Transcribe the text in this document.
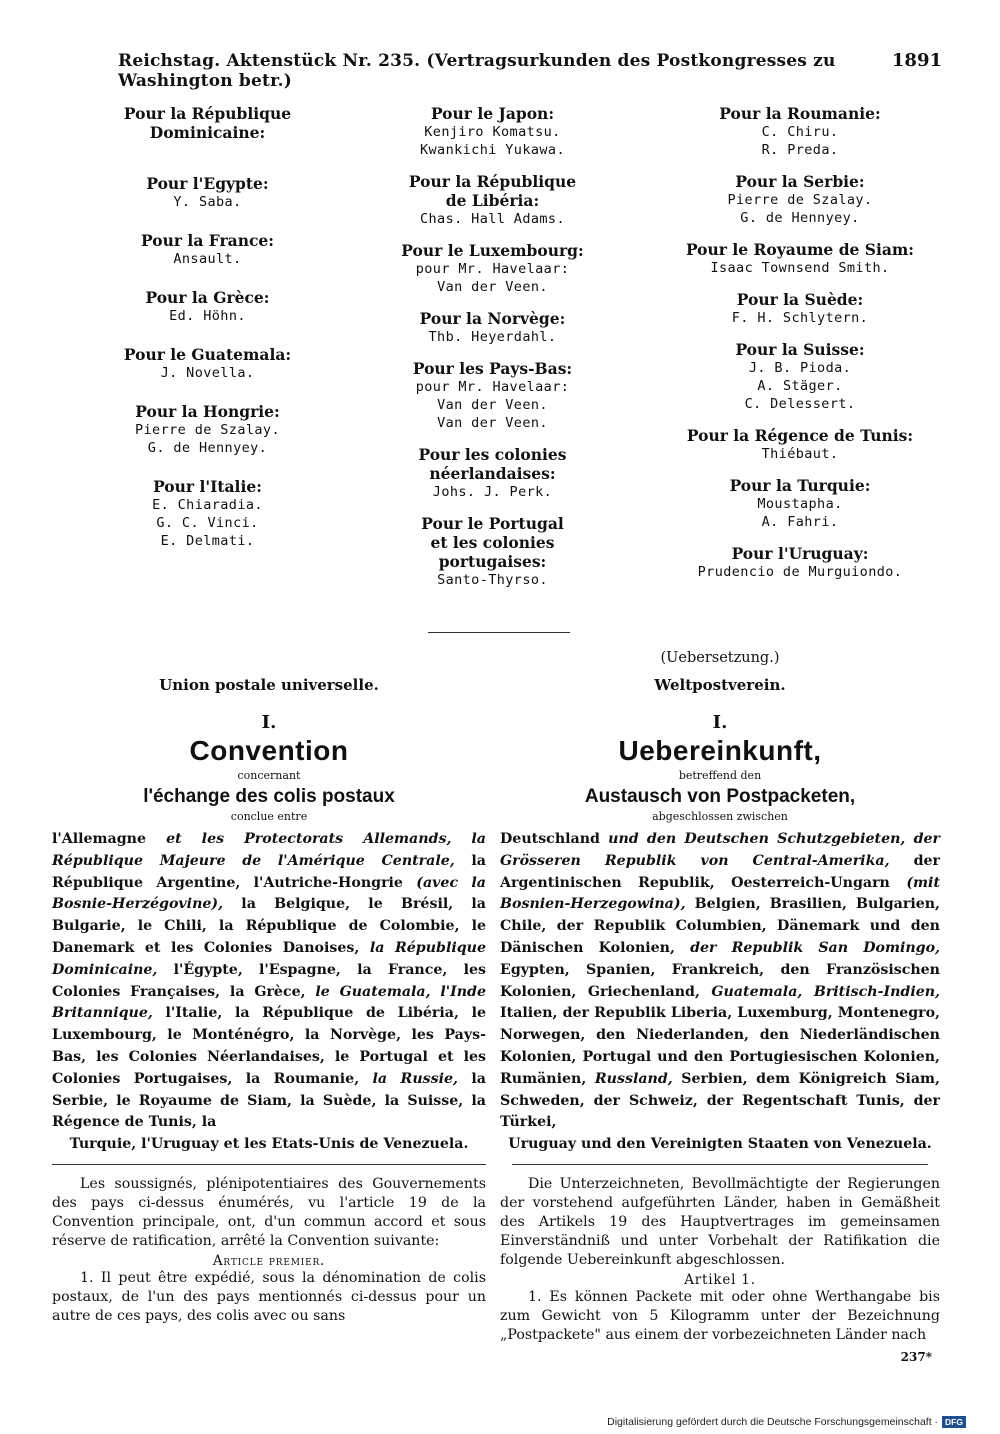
Reichstag. Aktenstück Nr. 235. (Vertragsurkunden des Postkongresses zu Washington betr.)
1891
Pour la République
Dominicaine:
Pour l'Egypte:
Y. Saba.
Pour la France:
Ansault.
Pour la Grèce:
Ed. Höhn.
Pour le Guatemala:
J. Novella.
Pour la Hongrie:
Pierre de Szalay.
G. de Hennyey.
Pour l'Italie:
E. Chiaradia.
G. C. Vinci.
E. Delmati.
Pour le Japon:
Kenjiro Komatsu.
Kwankichi Yukawa.
Pour la République
de Libéria:
Chas. Hall Adams.
Pour le Luxembourg:
pour Mr. Havelaar:
Van der Veen.
Pour la Norvège:
Thb. Heyerdahl.
Pour les Pays-Bas:
pour Mr. Havelaar:
Van der Veen.
Van der Veen.
Pour les colonies
néerlandaises:
Johs. J. Perk.
Pour le Portugal
et les colonies portugaises:
Santo-Thyrso.
Pour la Roumanie:
C. Chiru.
R. Preda.
Pour la Serbie:
Pierre de Szalay.
G. de Hennyey.
Pour le Royaume de Siam:
Isaac Townsend Smith.
Pour la Suède:
F. H. Schlytern.
Pour la Suisse:
J. B. Pioda.
A. Stäger.
C. Delessert.
Pour la Régence de Tunis:
Thiébaut.
Pour la Turquie:
Moustapha.
A. Fahri.
Pour l'Uruguay:
Prudencio de Murguiondo.
Union postale universelle.
I.
Convention
concernant
l'échange des colis postaux
conclue entre
l'Allemagne et les Protectorats Allemands, la République Majeure de l'Amérique Centrale, la République Argentine, l'Autriche-Hongrie (avec la Bosnie-Herzégovine), la Belgique, le Brésil, la Bulgarie, le Chili, la République de Colombie, le Danemark et les Colonies Danoises, la République Dominicaine, l'Égypte, l'Espagne, la France, les Colonies Françaises, la Grèce, le Guatemala, l'Inde Britannique, l'Italie, la République de Libéria, le Luxembourg, le Monténégro, la Norvège, les Pays-Bas, les Colonies Néerlandaises, le Portugal et les Colonies Portugaises, la Roumanie, la Russie, la Serbie, le Royaume de Siam, la Suède, la Suisse, la Régence de Tunis, la
Turquie, l'Uruguay et les Etats-Unis de Venezuela.
Les soussignés, plénipotentiaires des Gouvernements des pays ci-dessus énumérés, vu l'article 19 de la Convention principale, ont, d'un commun accord et sous réserve de ratification, arrêté la Convention suivante:
Article premier.
1. Il peut être expédié, sous la dénomination de colis postaux, de l'un des pays mentionnés ci-dessus pour un autre de ces pays, des colis avec ou sans
(Uebersetzung.)
Weltpostverein.
I.
Uebereinkunft,
betreffend den
Austausch von Postpacketen,
abgeschlossen zwischen
Deutschland und den Deutschen Schutzgebieten, der Grösseren Republik von Central-Amerika, der Argentinischen Republik, Oesterreich-Ungarn (mit Bosnien-Herzegowina), Belgien, Brasilien, Bulgarien, Chile, der Republik Columbien, Dänemark und den Dänischen Kolonien, der Republik San Domingo, Egypten, Spanien, Frankreich, den Französischen Kolonien, Griechenland, Guatemala, Britisch-Indien, Italien, der Republik Liberia, Luxemburg, Montenegro, Norwegen, den Niederlanden, den Niederländischen Kolonien, Portugal und den Portugiesischen Kolonien, Rumänien, Russland, Serbien, dem Königreich Siam, Schweden, der Schweiz, der Regentschaft Tunis, der Türkei,
Uruguay und den Vereinigten Staaten von Venezuela.
Die Unterzeichneten, Bevollmächtigte der Regierungen der vorstehend aufgeführten Länder, haben in Gemäßheit des Artikels 19 des Hauptvertrages im gemeinsamen Einverständniß und unter Vorbehalt der Ratifikation die folgende Uebereinkunft abgeschlossen.
Artikel 1.
1. Es können Packete mit oder ohne Werthangabe bis zum Gewicht von 5 Kilogramm unter der Bezeichnung „Postpackete" aus einem der vorbezeichneten Länder nach
237*
Digitalisierung gefördert durch die Deutsche Forschungsgemeinschaft · DFG
